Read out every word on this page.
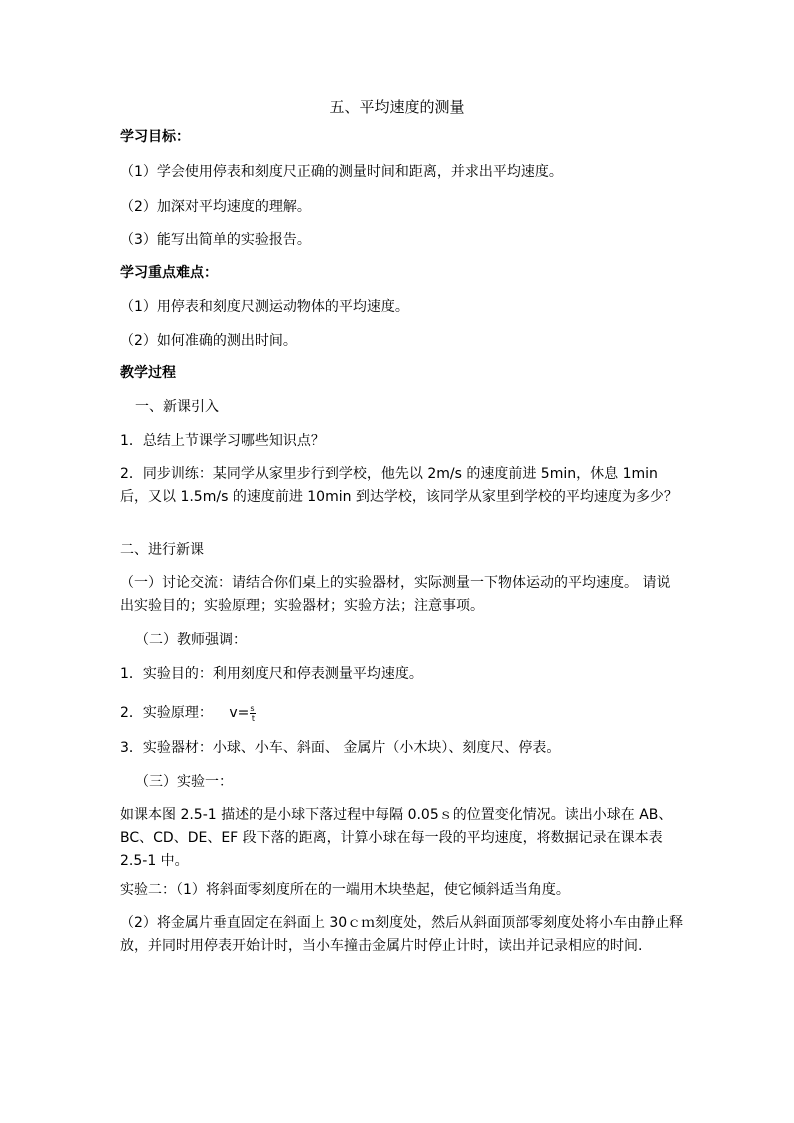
五、平均速度的测量
学习目标：
（1）学会使用停表和刻度尺正确的测量时间和距离，并求出平均速度。
（2）加深对平均速度的理解。
（3）能写出简单的实验报告。
学习重点难点：
（1）用停表和刻度尺测运动物体的平均速度。
（2）如何准确的测出时间。
教学过程
一、新课引入
1．总结上节课学习哪些知识点？
2．同步训练：某同学从家里步行到学校，他先以 2m/s 的速度前进 5min，休息 1min 后，又以 1.5m/s 的速度前进 10min 到达学校，该同学从家里到学校的平均速度为多少？
二、进行新课
（一）讨论交流：请结合你们桌上的实验器材，实际测量一下物体运动的平均速度。 请说出实验目的；实验原理；实验器材；实验方法；注意事项。
（二）教师强调：
1．实验目的：利用刻度尺和停表测量平均速度。
2．实验原理： $v= \frac{s}{t}$
3．实验器材：小球、小车、斜面、 金属片（小木块）、刻度尺、停表。
（三）实验一：
如课本图 2.5-1 描述的是小球下落过程中每隔 0.05ｓ的位置变化情况。读出小球在 AB、BC、CD、DE、EF 段下落的距离，计算小球在每一段的平均速度，将数据记录在课本表 2.5-1 中。
实验二：（1）将斜面零刻度所在的一端用木块垫起，使它倾斜适当角度。
（2）将金属片垂直固定在斜面上 30ｃｍ刻度处，然后从斜面顶部零刻度处将小车由静止释放，并同时用停表开始计时，当小车撞击金属片时停止计时，读出并记录相应的时间.
